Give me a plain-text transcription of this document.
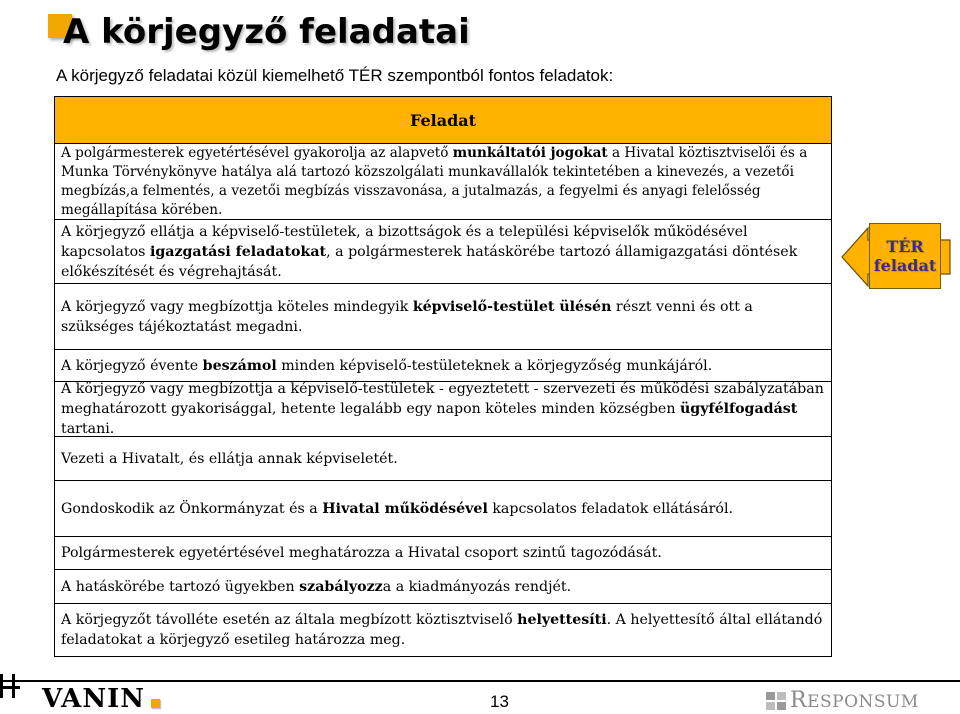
A körjegyző feladatai
A körjegyző feladatai közül kiemelhető TÉR szempontból fontos feladatok:
Feladat
A polgármesterek egyetértésével gyakorolja az alapvető munkáltatói jogokat a Hivatal köztisztviselői és a Munka Törvénykönyve hatálya alá tartozó közszolgálati munkavállalók tekintetében a kinevezés, a vezetői megbízás,a felmentés, a vezetői megbízás visszavonása, a jutalmazás, a fegyelmi és anyagi felelősség megállapítása körében.
A körjegyző ellátja a képviselő-testületek, a bizottságok és a települési képviselők működésével kapcsolatos igazgatási feladatokat, a polgármesterek hatáskörébe tartozó államigazgatási döntések előkészítését és végrehajtását.
A körjegyző vagy megbízottja köteles mindegyik képviselő-testület ülésén részt venni és ott a szükséges tájékoztatást megadni.
A körjegyző évente beszámol minden képviselő-testületeknek a körjegyzőség munkájáról.
A körjegyző vagy megbízottja a képviselő-testületek - egyeztetett - szervezeti és működési szabályzatában meghatározott gyakorisággal, hetente legalább egy napon köteles minden községben ügyfélfogadást tartani.
Vezeti a Hivatalt, és ellátja annak képviseletét.
Gondoskodik az Önkormányzat és a Hivatal működésével kapcsolatos feladatok ellátásáról.
Polgármesterek egyetértésével meghatározza a Hivatal csoport szintű tagozódását.
A hatáskörébe tartozó ügyekben szabályozza a kiadmányozás rendjét.
A körjegyzőt távolléte esetén az általa megbízott köztisztviselő helyettesíti. A helyettesítő által ellátandó feladatokat a körjegyző esetileg határozza meg.
TÉR
feladat
VANIN	13	RESPONSUM
